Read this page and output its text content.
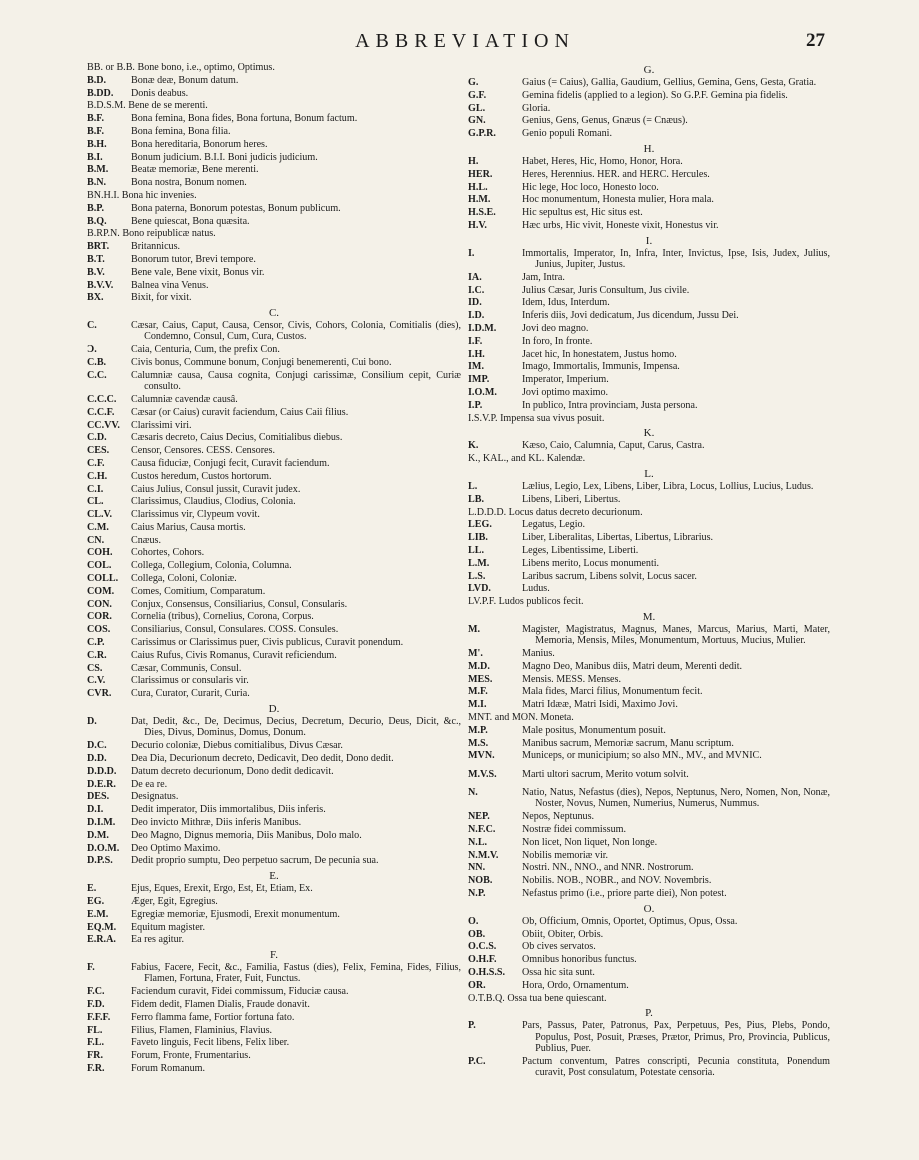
ABBREVIATION	27
BB. or B.B. Bone bono, i.e., optimo, Optimus.
B.D. Bonæ deæ, Bonum datum.
B.DD. Donis deabus.
B.D.S.M. Bene de se merenti.
B.F.	Bona femina, Bona fides, Bona fortuna, Bonum factum.
B.F.	Bona femina, Bona filia.
B.H. Bona hereditaria, Bonorum heres.
B.I.	Bonum judicium. B.I.I. Boni judicis judicium.
B.M. Beatæ memoriæ, Bene merenti.
B.N. Bona nostra, Bonum nomen.
BN.H.I. Bona hic invenies.
B.P.	Bona paterna, Bonorum potestas, Bonum publicum.
B.Q. Bene quiescat, Bona quæsita.
B.RP.N. Bono reipublicæ natus.
BRT. Britannicus.
B.T.	Bonorum tutor, Brevi tempore.
B.V.	Bene vale, Bene vixit, Bonus vir.
B.V.V. Balnea vina Venus.
BX.	Bixit, for vixit.
C.
C.	Cæsar, Caius, Caput, Causa, Censor, Civis, Cohors, Colonia, Comitialis (dies), Condemno, Consul, Cum, Cura, Custos.
Ͻ.	Caia, Centuria, Cum, the prefix Con.
C.B. Civis bonus, Commune bonum, Conjugi benemerenti, Cui bono.
C.C. Calumniæ causa, Causa cognita, Conjugi carissimæ, Consilium cepit, Curiæ consulto.
C.C.C. Calumniæ cavendæ causâ.
C.C.F. Cæsar (or Caius) curavit faciendum, Caius Caii filius.
CC.VV. Clarissimi viri.
C.D. Cæsaris decreto, Caius Decius, Comitialibus diebus.
CES. Censor, Censores. CESS. Censores.
C.F.	Causa fiduciæ, Conjugi fecit, Curavit faciendum.
C.H. Custos heredum, Custos hortorum.
C.I.	Caius Julius, Consul jussit, Curavit judex.
CL.	Clarissimus, Claudius, Clodius, Colonia.
CL.V. Clarissimus vir, Clypeum vovit.
C.M. Caius Marius, Causa mortis.
CN.	Cnæus.
COH. Cohortes, Cohors.
COL. Collega, Collegium, Colonia, Columna.
COLL. Collega, Coloni, Coloniæ.
COM. Comes, Comitium, Comparatum.
CON. Conjux, Consensus, Consiliarius, Consul, Consularis.
COR. Cornelia (tribus), Cornelius, Corona, Corpus.
COS. Consiliarius, Consul, Consulares. COSS. Consules.
C.P.	Carissimus or Clarissimus puer, Civis publicus, Curavit ponendum.
C.R. Caius Rufus, Civis Romanus, Curavit reficiendum.
CS.	Cæsar, Communis, Consul.
C.V.	Clarissimus or consularis vir.
CVR. Cura, Curator, Curarit, Curia.
D.
D.	Dat, Dedit, &c., De, Decimus, Decius, Decretum, Decurio, Deus, Dicit, &c., Dies, Divus, Dominus, Domus, Donum.
D.C. Decurio coloniæ, Diebus comitialibus, Divus Cæsar.
D.D. Dea Dia, Decurionum decreto, Dedicavit, Deo dedit, Dono dedit.
D.D.D. Datum decreto decurionum, Dono dedit dedicavit.
D.E.R. De ea re.
DES. Designatus.
D.I.	Dedit imperator, Diis immortalibus, Diis inferis.
D.I.M. Deo invicto Mithræ, Diis inferis Manibus.
D.M. Deo Magno, Dignus memoria, Diis Manibus, Dolo malo.
D.O.M. Deo Optimo Maximo.
D.P.S. Dedit proprio sumptu, Deo perpetuo sacrum, De pecunia sua.
E.
E.	Ejus, Eques, Erexit, Ergo, Est, Et, Etiam, Ex.
EG.	Æger, Egit, Egregius.
E.M. Egregiæ memoriæ, Ejusmodi, Erexit monumentum.
EQ.M. Equitum magister.
E.R.A. Ea res agitur.
F.
F.	Fabius, Facere, Fecit, &c., Familia, Fastus (dies), Felix, Femina, Fides, Filius, Flamen, Fortuna, Frater, Fuit, Functus.
F.C.	Faciendum curavit, Fidei commissum, Fiduciæ causa.
F.D.	Fidem dedit, Flamen Dialis, Fraude donavit.
F.F.F. Ferro flamma fame, Fortior fortuna fato.
FL.	Filius, Flamen, Flaminius, Flavius.
F.L.	Faveto linguis, Fecit libens, Felix liber.
FR.	Forum, Fronte, Frumentarius.
F.R.	Forum Romanum.
G.
G.	Gaius (= Caius), Gallia, Gaudium, Gellius, Gemina, Gens, Gesta, Gratia.
G.F.	Gemina fidelis (applied to a legion). So G.P.F. Gemina pia fidelis.
GL.	Gloria.
GN.	Genius, Gens, Genus, Gnæus (= Cnæus).
G.P.R.	Genio populi Romani.
H.
H.	Habet, Heres, Hic, Homo, Honor, Hora.
HER.	Heres, Herennius. HER. and HERC. Hercules.
H.L.	Hic lege, Hoc loco, Honesto loco.
H.M.	Hoc monumentum, Honesta mulier, Hora mala.
H.S.E.	Hic sepultus est, Hic situs est.
H.V.	Hæc urbs, Hic vivit, Honeste vixit, Honestus vir.
I.
I.	Immortalis, Imperator, In, Infra, Inter, Invictus, Ipse, Isis, Judex, Julius, Junius, Jupiter, Justus.
IA.	Jam, Intra.
I.C.	Julius Cæsar, Juris Consultum, Jus civile.
ID.	Idem, Idus, Interdum.
I.D.	Inferis diis, Jovi dedicatum, Jus dicendum, Jussu Dei.
I.D.M.	Jovi deo magno.
I.F.	In foro, In fronte.
I.H.	Jacet hic, In honestatem, Justus homo.
IM.	Imago, Immortalis, Immunis, Impensa.
IMP.	Imperator, Imperium.
I.O.M. Jovi optimo maximo.
I.P.	In publico, Intra provinciam, Justa persona.
I.S.V.P. Impensa sua vivus posuit.
K.
K.	Kæso, Caio, Calumnia, Caput, Carus, Castra.
K., KAL., and KL. Kalendæ.
L.
L.	Lælius, Legio, Lex, Libens, Liber, Libra, Locus, Lollius, Lucius, Ludus.
LB.	Libens, Liberi, Libertus.
L.D.D.D. Locus datus decreto decurionum.
LEG.	Legatus, Legio.
LIB.	Liber, Liberalitas, Libertas, Libertus, Librarius.
LL.	Leges, Libentissime, Liberti.
L.M.	Libens merito, Locus monumenti.
L.S.	Laribus sacrum, Libens solvit, Locus sacer.
LVD.	Ludus.
LV.P.F. Ludos publicos fecit.
M.
M.	Magister, Magistratus, Magnus, Manes, Marcus, Marius, Marti, Mater, Memoria, Mensis, Miles, Monumentum, Mortuus, Mucius, Mulier.
M'.	Manius.
M.D.	Magno Deo, Manibus diis, Matri deum, Merenti dedit.
MES.	Mensis. MESS. Menses.
M.F.	Mala fides, Marci filius, Monumentum fecit.
M.I.	Matri Idææ, Matri Isidi, Maximo Jovi.
MNT. and MON. Moneta.
M.P.	Male positus, Monumentum posuit.
M.S.	Manibus sacrum, Memoriæ sacrum, Manu scriptum.
MVN.	Municeps, or municipium; so also MN., MV., and MVNIC.
M.V.S.	Marti ultori sacrum, Merito votum solvit.
N.	Natio, Natus, Nefastus (dies), Nepos, Neptunus, Nero, Nomen, Non, Nonæ, Noster, Novus, Numen, Numerius, Numerus, Nummus.
NEP.	Nepos, Neptunus.
N.F.C.	Nostræ fidei commissum.
N.L.	Non licet, Non liquet, Non longe.
N.M.V. Nobilis memoriæ vir.
NN.	Nostri. NN., NNO., and NNR. Nostrorum.
NOB.	Nobilis. NOB., NOBR., and NOV. Novembris.
N.P.	Nefastus primo (i.e., priore parte diei), Non potest.
O.
O.	Ob, Officium, Omnis, Oportet, Optimus, Opus, Ossa.
OB.	Obiit, Obiter, Orbis.
O.C.S.	Ob cives servatos.
O.H.F.	Omnibus honoribus functus.
O.H.S.S. Ossa hic sita sunt.
OR.	Hora, Ordo, Ornamentum.
O.T.B.Q. Ossa tua bene quiescant.
P.
P.	Pars, Passus, Pater, Patronus, Pax, Perpetuus, Pes, Pius, Plebs, Pondo, Populus, Post, Posuit, Præses, Prætor, Primus, Pro, Provincia, Publicus, Publius, Puer.
P.C.	Pactum conventum, Patres conscripti, Pecunia constituta, Ponendum curavit, Post consulatum, Potestate censoria.
